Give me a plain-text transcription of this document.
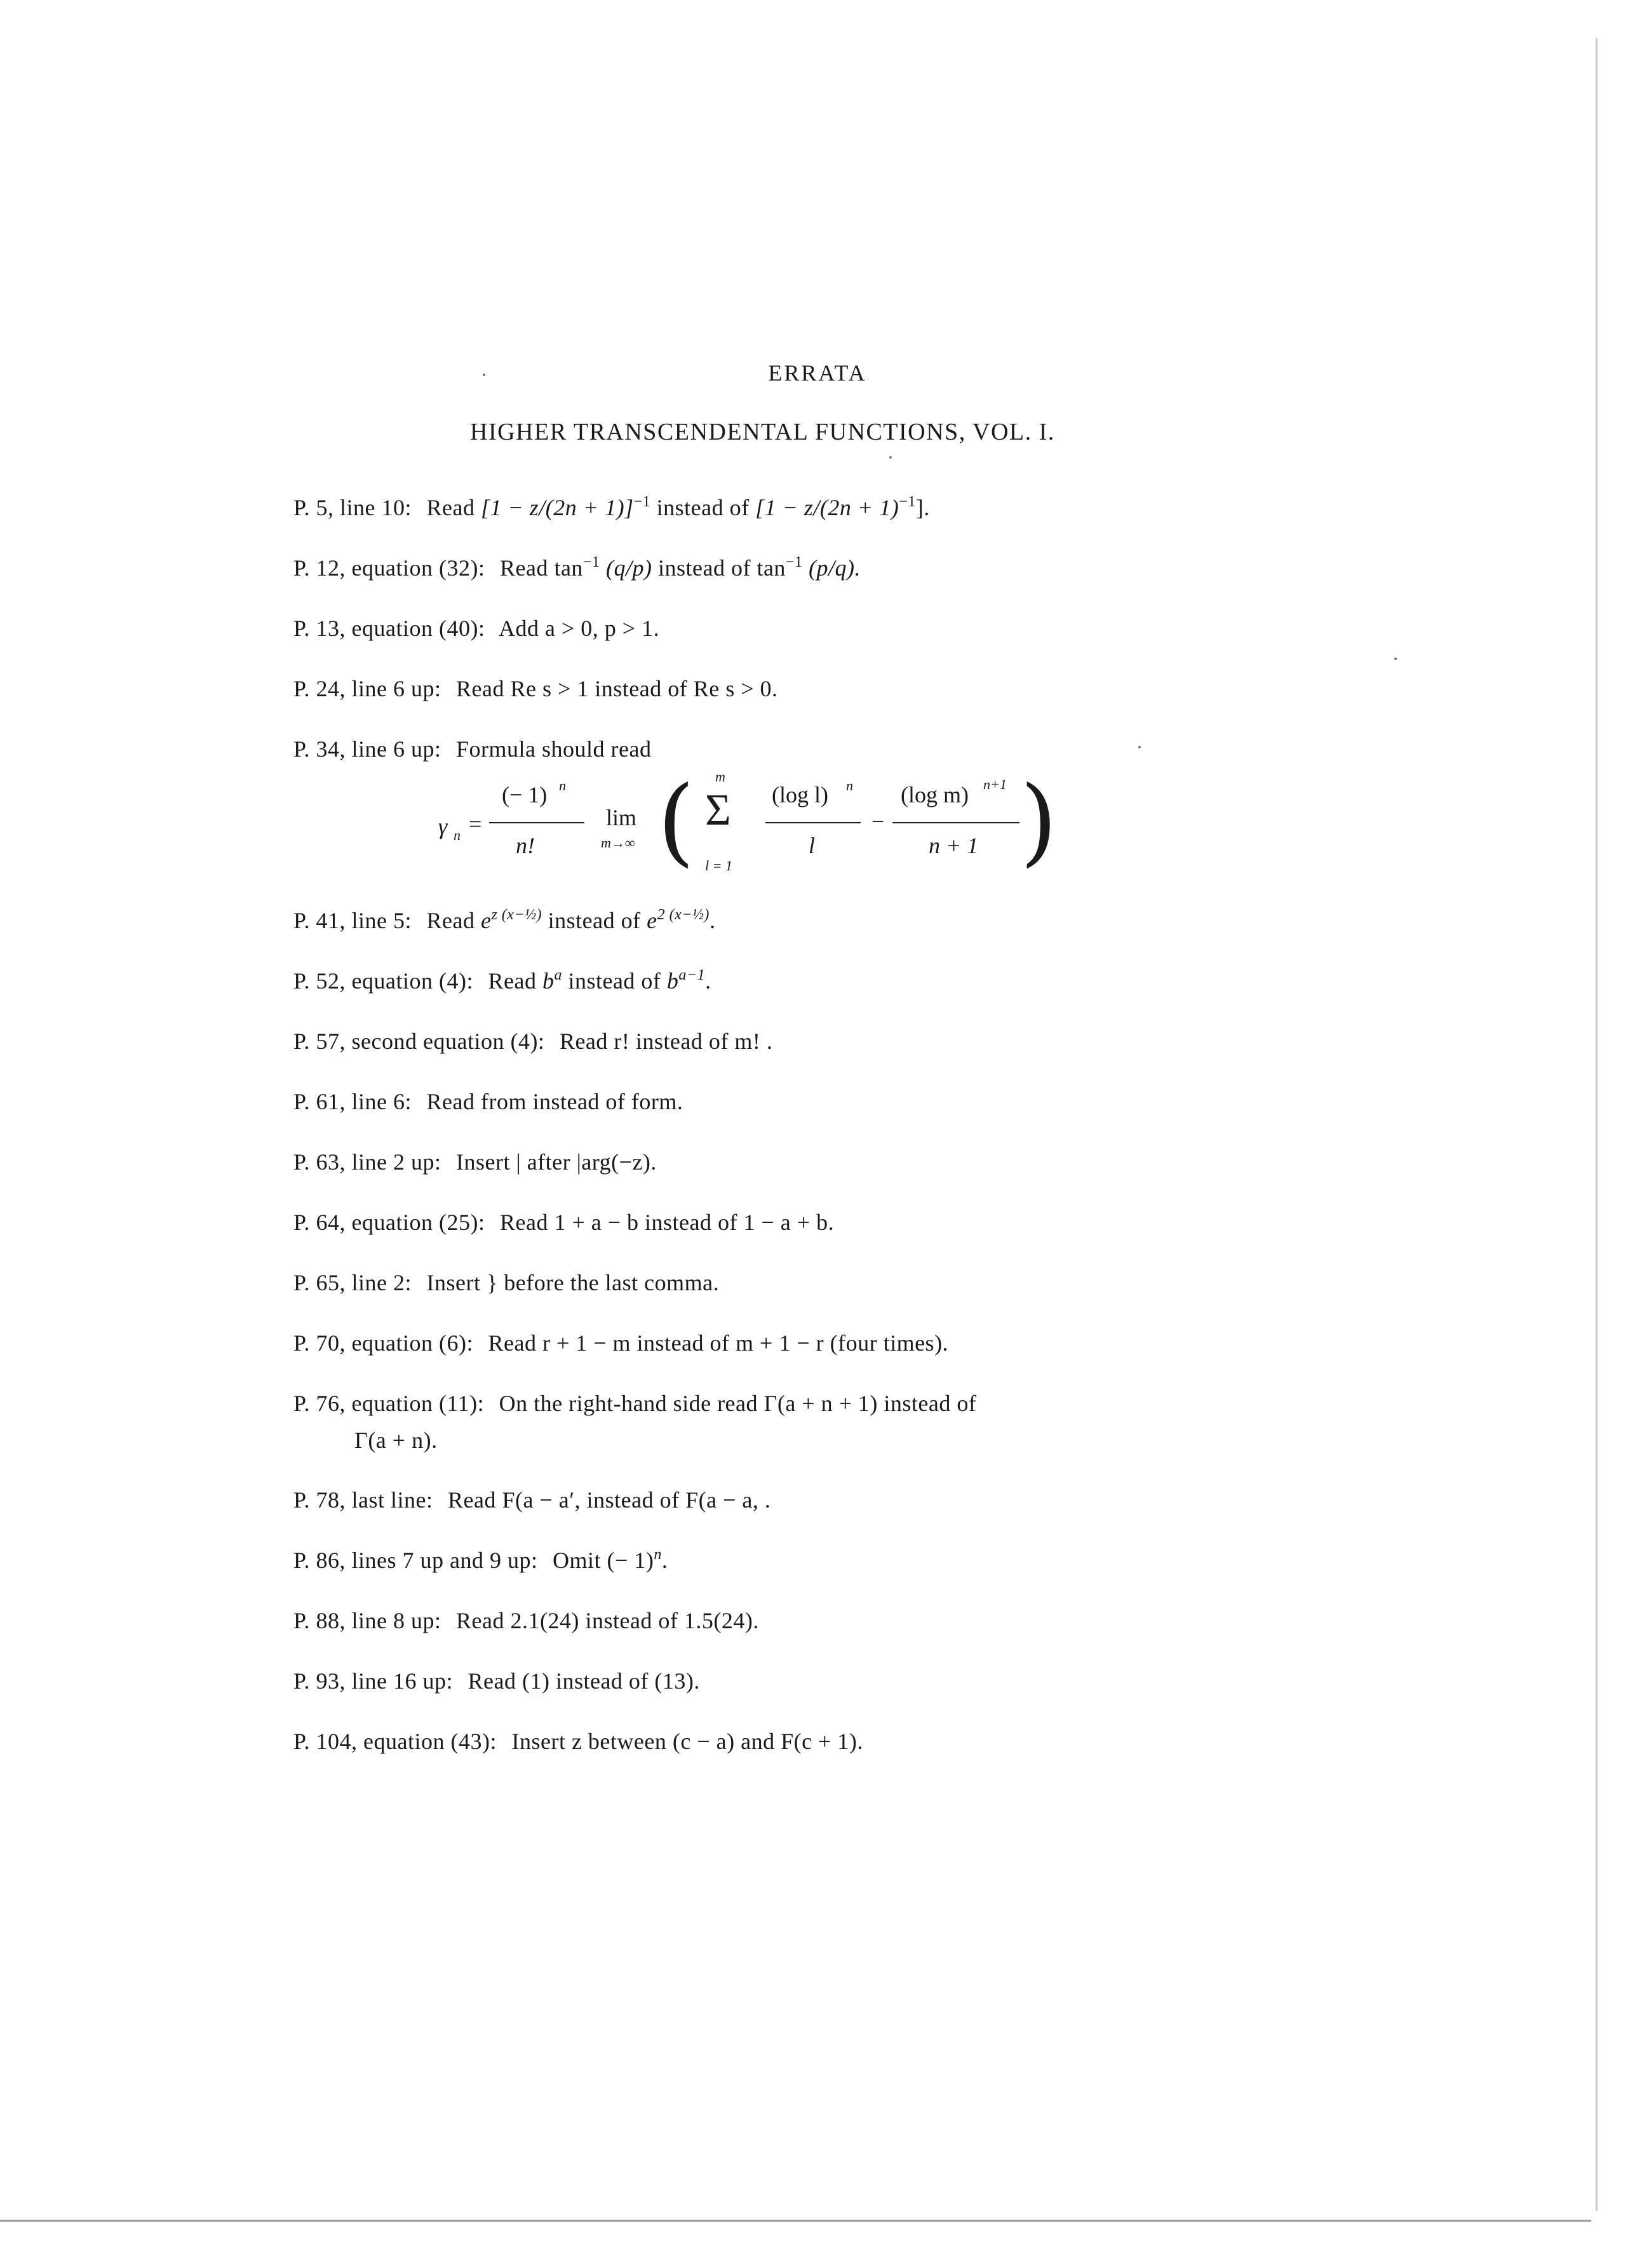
ERRATA
HIGHER TRANSCENDENTAL FUNCTIONS, VOL. I.
P. 5, line 10: Read $[1 - z/(2n + 1)]^{-1}$ instead of $[1 - z/(2n + 1)^{-1}]$.
P. 12, equation (32): Read $\tan^{-1} (q/p)$ instead of $\tan^{-1} (p/q)$.
P. 13, equation (40): Add a > 0, p > 1.
P. 24, line 6 up: Read Re s > 1 instead of Re s > 0.
P. 34, line 6 up: Formula should read
γ n =
(− 1) n
n!
lim
m→∞ ( m
Σ
l = 1
(log l) n
l
−
(log m) n+1
n + 1 )
P. 41, line 5: Read $e^{z (x-\frac{1}{2})}$ instead of $e^{2 (x-\frac{1}{2})}$.
P. 52, equation (4): Read $b^a$ instead of $b^{a-1}$.
P. 57, second equation (4): Read r! instead of m! .
P. 61, line 6: Read from instead of form.
P. 63, line 2 up: Insert | after |arg(−z).
P. 64, equation (25): Read 1 + a − b instead of 1 − a + b.
P. 65, line 2: Insert } before the last comma.
P. 70, equation (6): Read r + 1 − m instead of m + 1 − r (four times).
P. 76, equation (11): On the right-hand side read Γ(a + n + 1) instead of
Γ(a + n).
P. 78, last line: Read F(a − a′, instead of F(a − a, .
P. 86, lines 7 up and 9 up: Omit (− 1)$^n$.
P. 88, line 8 up: Read 2.1(24) instead of 1.5(24).
P. 93, line 16 up: Read (1) instead of (13).
P. 104, equation (43): Insert z between (c − a) and F(c + 1).
